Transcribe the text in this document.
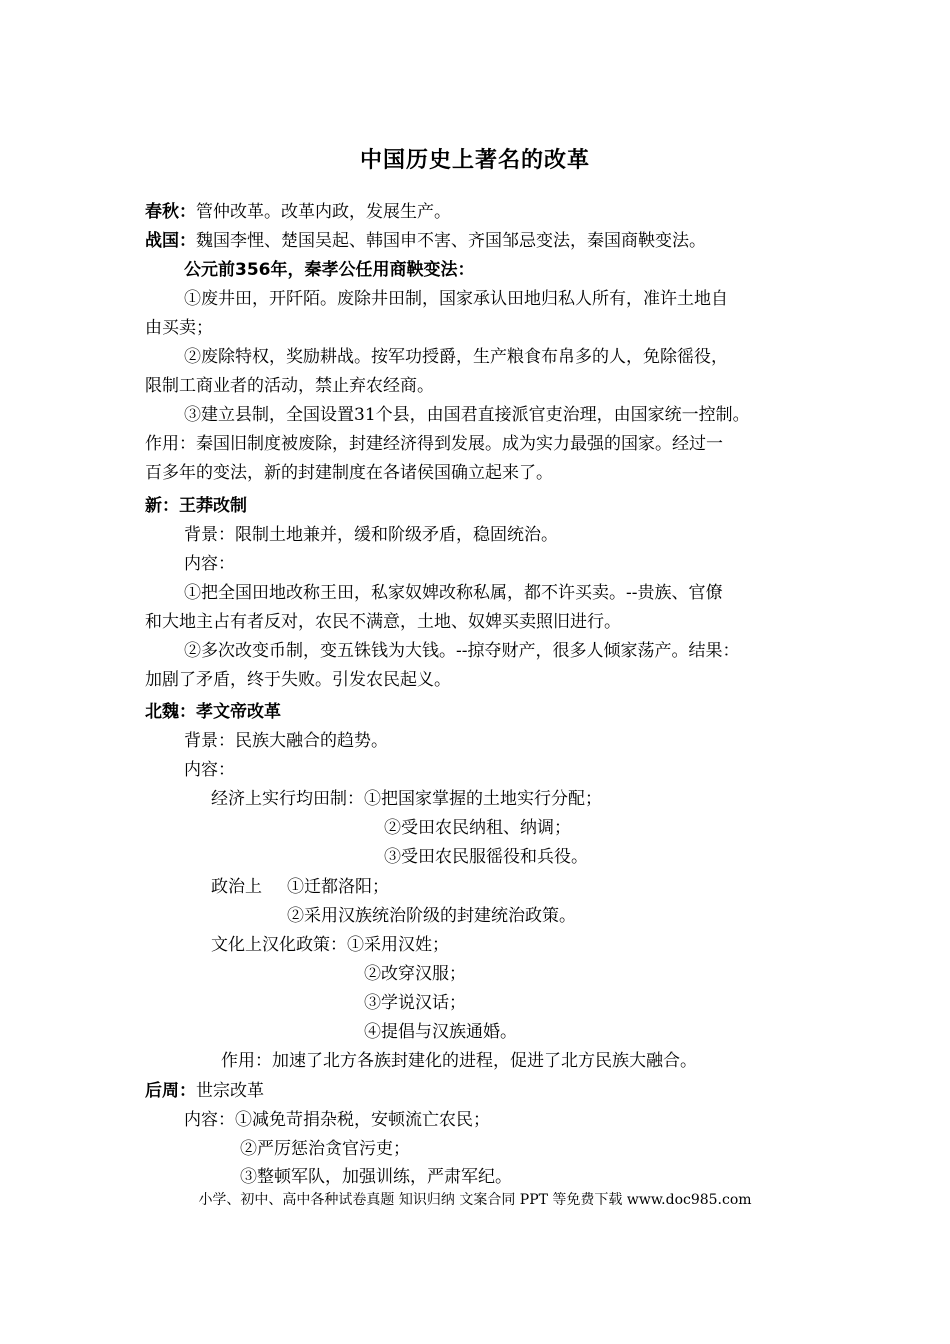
中国历史上著名的改革
春秋：管仲改革。改革内政，发展生产。
战国：魏国李悝、楚国吴起、韩国申不害、齐国邹忌变法，秦国商鞅变法。
公元前356年，秦孝公任用商鞅变法：
①废井田，开阡陌。废除井田制，国家承认田地归私人所有，准许土地自
由买卖；
②废除特权，奖励耕战。按军功授爵，生产粮食布帛多的人，免除徭役，
限制工商业者的活动，禁止弃农经商。
③建立县制，全国设置31个县，由国君直接派官吏治理，由国家统一控制。
作用：秦国旧制度被废除，封建经济得到发展。成为实力最强的国家。经过一
百多年的变法，新的封建制度在各诸侯国确立起来了。
新：王莽改制
背景：限制土地兼并，缓和阶级矛盾，稳固统治。
内容：
①把全国田地改称王田，私家奴婢改称私属，都不许买卖。--贵族、官僚
和大地主占有者反对，农民不满意，土地、奴婢买卖照旧进行。
②多次改变币制，变五铢钱为大钱。--掠夺财产，很多人倾家荡产。结果：
加剧了矛盾，终于失败。引发农民起义。
北魏：孝文帝改革
背景：民族大融合的趋势。
内容：
经济上实行均田制：①把国家掌握的土地实行分配；
②受田农民纳租、纳调；
③受田农民服徭役和兵役。
政治上 ①迁都洛阳；
②采用汉族统治阶级的封建统治政策。
文化上汉化政策：①采用汉姓；
②改穿汉服；
③学说汉话；
④提倡与汉族通婚。
作用：加速了北方各族封建化的进程，促进了北方民族大融合。
后周：世宗改革
内容：①减免苛捐杂税，安顿流亡农民；
②严厉惩治贪官污吏；
③整顿军队，加强训练，严肃军纪。
小学、初中、高中各种试卷真题 知识归纳 文案合同 PPT 等免费下载 www.doc985.com
